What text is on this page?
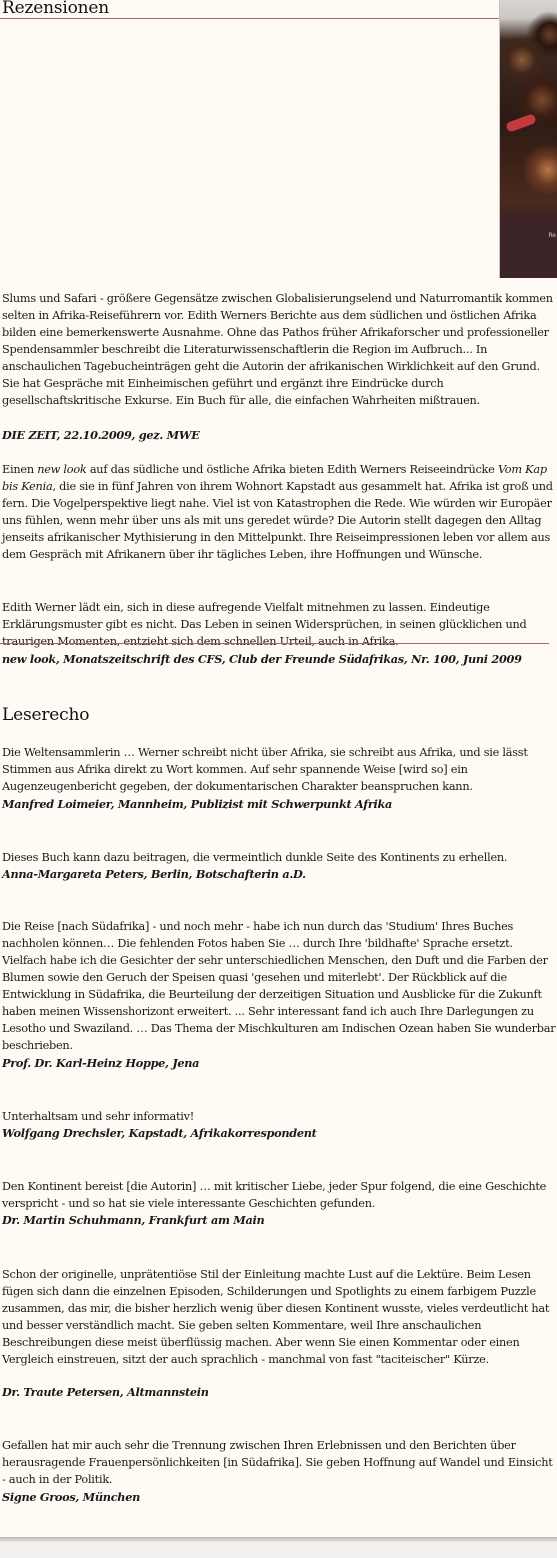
Rezensionen
Re

Slums und Safari - größere Gegensätze zwischen Globalisierungselend und Naturromantik kommen selten in Afrika-Reiseführern vor. Edith Werners Berichte aus dem südlichen und östlichen Afrika bilden eine bemerkenswerte Ausnahme. Ohne das Pathos früher Afrikaforscher und professioneller Spendensammler beschreibt die Literaturwissenschaftlerin die Region im Aufbruch... In anschaulichen Tagebucheinträgen geht die Autorin der afrikanischen Wirklichkeit auf den Grund. Sie hat Gespräche mit Einheimischen geführt und ergänzt ihre Eindrücke durch gesellschaftskritische Exkurse. Ein Buch für alle, die einfachen Wahrheiten mißtrauen.

DIE ZEIT, 22.10.2009, gez. MWE

Einen new look auf das südliche und östliche Afrika bieten Edith Werners Reiseeindrücke Vom Kap bis Kenia, die sie in fünf Jahren von ihrem Wohnort Kapstadt aus gesammelt hat. Afrika ist groß und fern. Die Vogelperspektive liegt nahe. Viel ist von Katastrophen die Rede. Wie würden wir Europäer uns fühlen, wenn mehr über uns als mit uns geredet würde? Die Autorin stellt dagegen den Alltag jenseits afrikanischer Mythisierung in den Mittelpunkt. Ihre Reiseimpressionen leben vor allem aus dem Gespräch mit Afrikanern über ihr tägliches Leben, ihre Hoffnungen und Wünsche.

Edith Werner lädt ein, sich in diese aufregende Vielfalt mitnehmen zu lassen. Eindeutige Erklärungsmuster gibt es nicht. Das Leben in seinen Widersprüchen, in seinen glücklichen und traurigen Momenten, entzieht sich dem schnellen Urteil, auch in Afrika.

new look, Monatszeitschrift des CFS, Club der Freunde Südafrikas, Nr. 100, Juni 2009

Leserecho

Die Weltensammlerin … Werner schreibt nicht über Afrika, sie schreibt aus Afrika, und sie lässt Stimmen aus Afrika direkt zu Wort kommen. Auf sehr spannende Weise [wird so] ein Augenzeugenbericht gegeben, der dokumentarischen Charakter beanspruchen kann.

Manfred Loimeier, Mannheim, Publizist mit Schwerpunkt Afrika

Dieses Buch kann dazu beitragen, die vermeintlich dunkle Seite des Kontinents zu erhellen.

Anna-Margareta Peters, Berlin, Botschafterin a.D.

Die Reise [nach Südafrika] - und noch mehr - habe ich nun durch das 'Studium' Ihres Buches nachholen können… Die fehlenden Fotos haben Sie … durch Ihre 'bildhafte' Sprache ersetzt. Vielfach habe ich die Gesichter der sehr unterschiedlichen Menschen, den Duft und die Farben der Blumen sowie den Geruch der Speisen quasi 'gesehen und miterlebt'. Der Rückblick auf die Entwicklung in Südafrika, die Beurteilung der derzeitigen Situation und Ausblicke für die Zukunft haben meinen Wissenshorizont erweitert. ... Sehr interessant fand ich auch Ihre Darlegungen zu Lesotho und Swaziland. … Das Thema der Mischkulturen am Indischen Ozean haben Sie wunderbar beschrieben.

Prof. Dr. Karl-Heinz Hoppe, Jena

Unterhaltsam und sehr informativ!

Wolfgang Drechsler, Kapstadt, Afrikakorrespondent

Den Kontinent bereist [die Autorin] … mit kritischer Liebe, jeder Spur folgend, die eine Geschichte verspricht - und so hat sie viele interessante Geschichten gefunden.

Dr. Martin Schuhmann, Frankfurt am Main

Schon der originelle, unprätentiöse Stil der Einleitung machte Lust auf die Lektüre. Beim Lesen fügen sich dann die einzelnen Episoden, Schilderungen und Spotlights zu einem farbigem Puzzle zusammen, das mir, die bisher herzlich wenig über diesen Kontinent wusste, vieles verdeutlicht hat und besser verständlich macht. Sie geben selten Kommentare, weil Ihre anschaulichen Beschreibungen diese meist überflüssig machen. Aber wenn Sie einen Kommentar oder einen Vergleich einstreuen, sitzt der auch sprachlich - manchmal von fast "taciteischer" Kürze.

Dr. Traute Petersen, Altmannstein

Gefallen hat mir auch sehr die Trennung zwischen Ihren Erlebnissen und den Berichten über herausragende Frauenpersönlichkeiten [in Südafrika]. Sie geben Hoffnung auf Wandel und Einsicht - auch in der Politik.

Signe Groos, München
